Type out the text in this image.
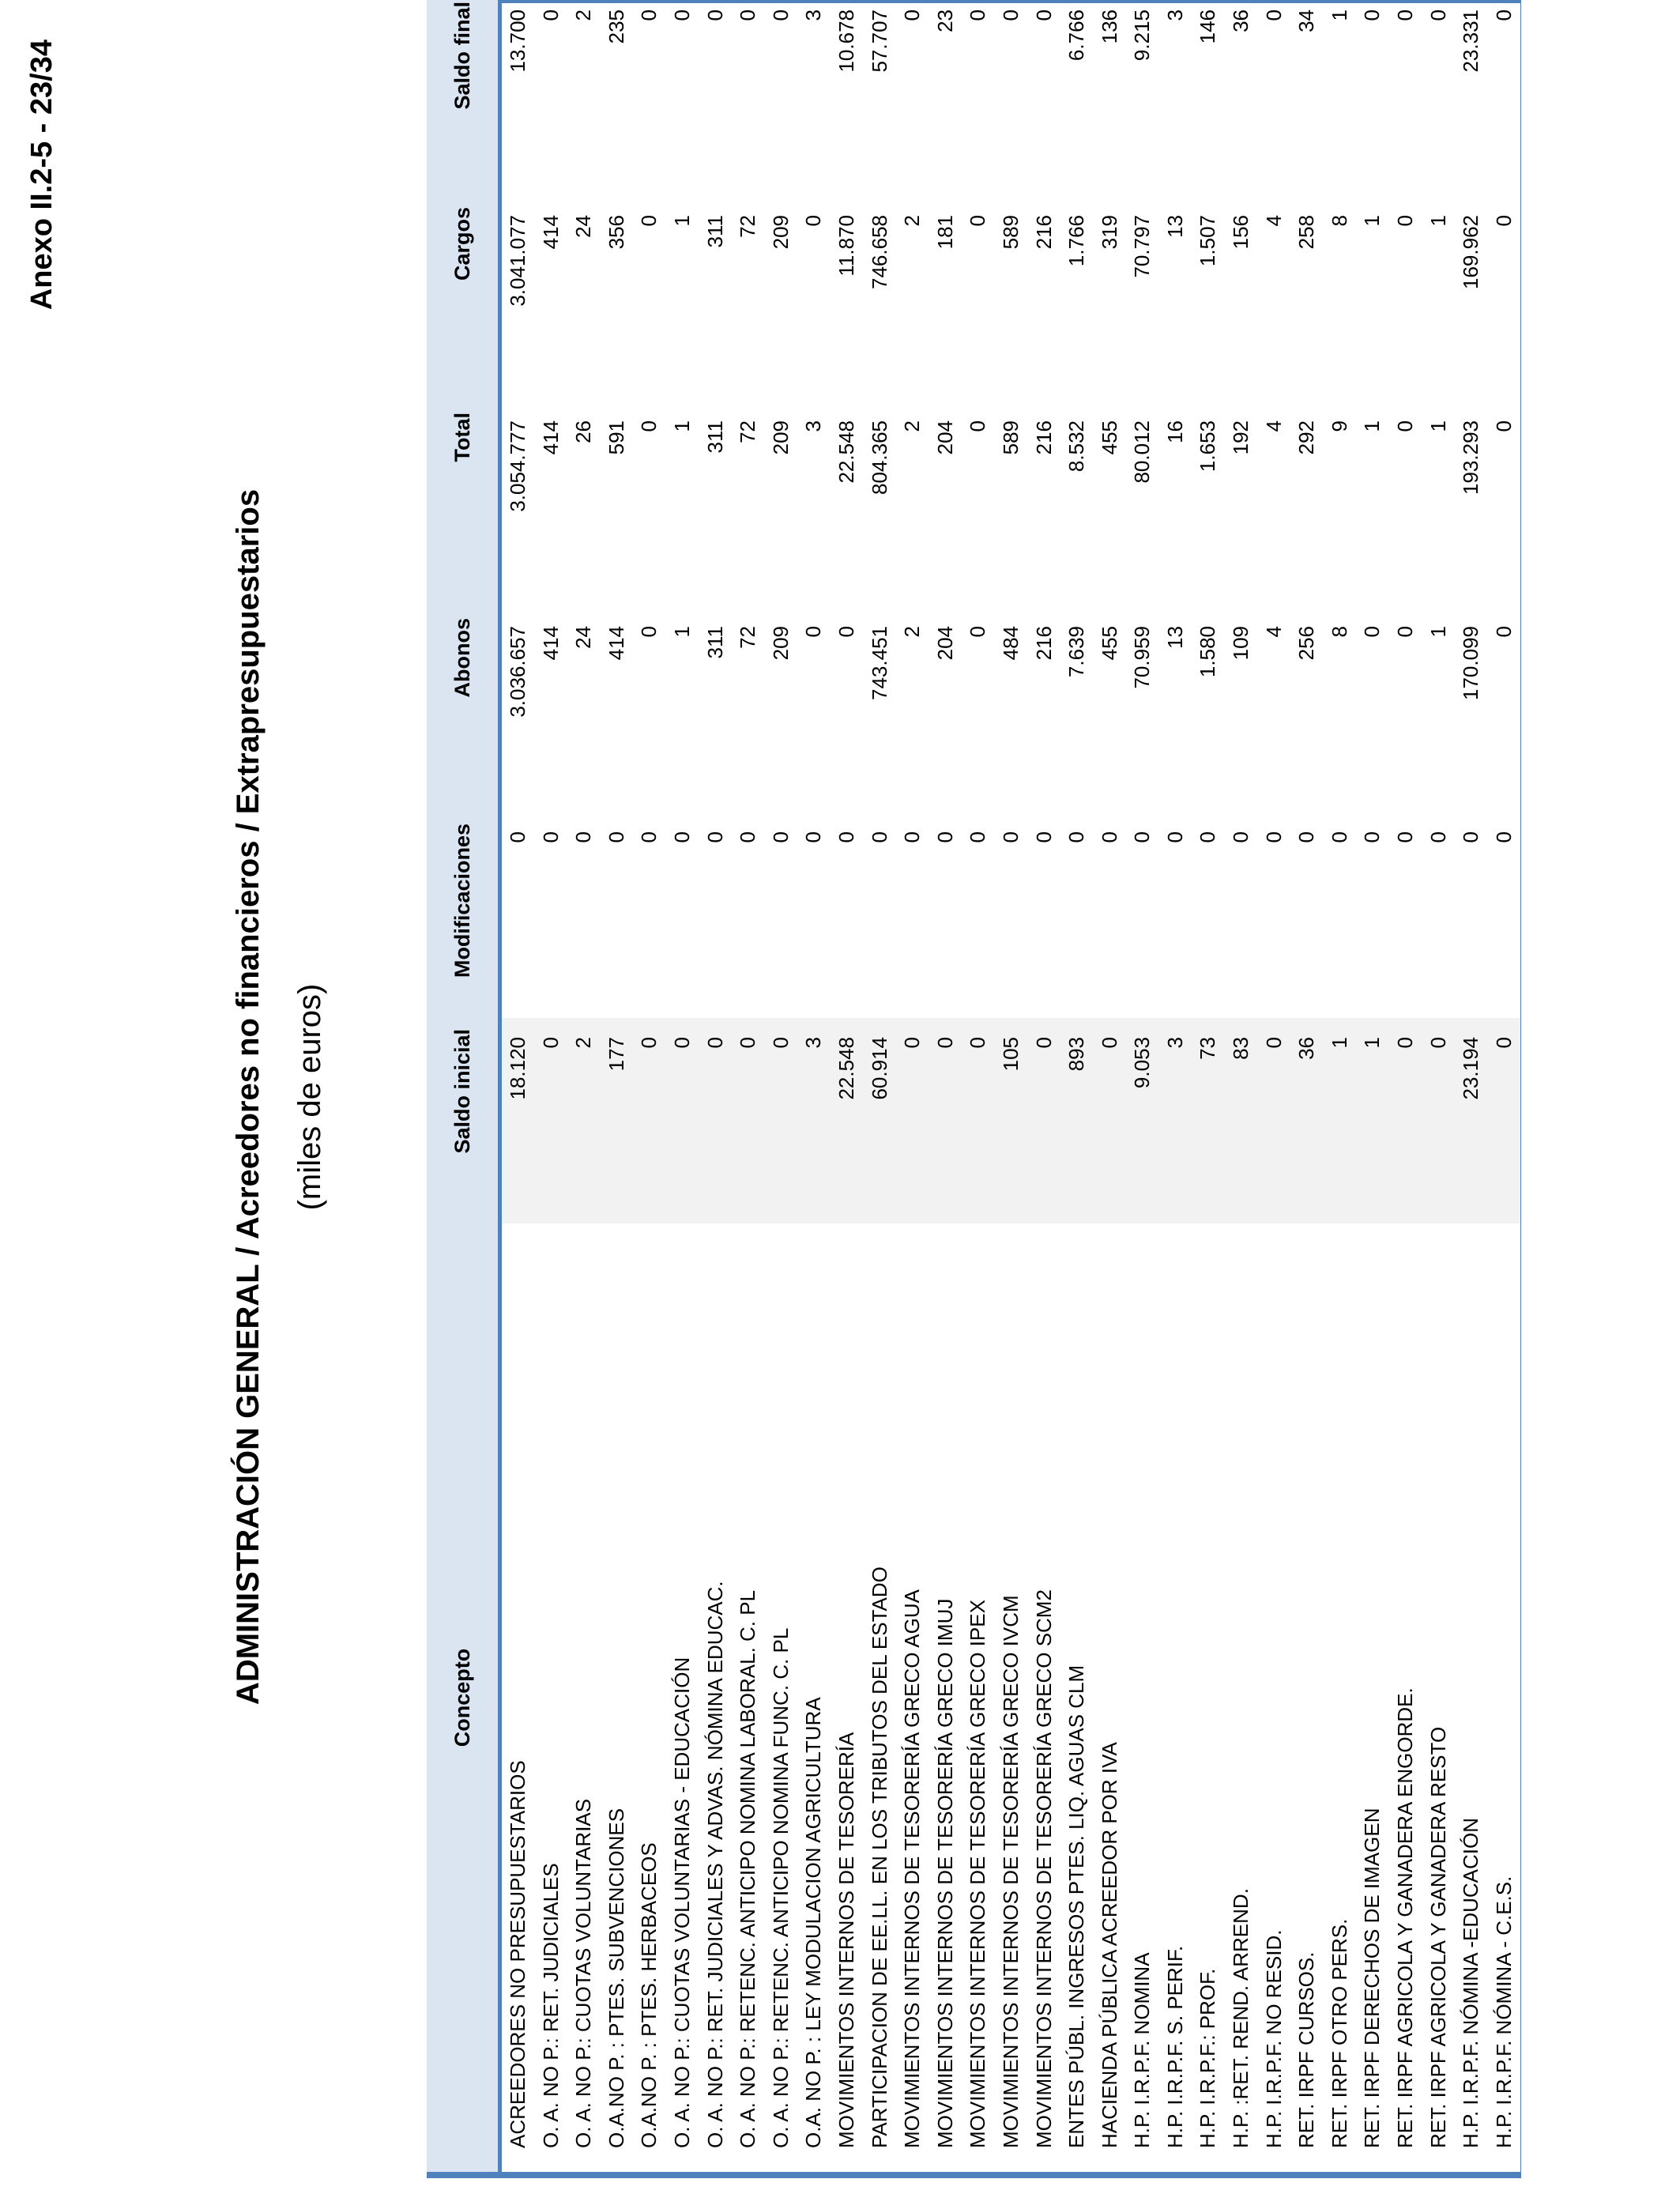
Anexo II.2-5 - 23/34
ADMINISTRACIÓN GENERAL / Acreedores no financieros / Extrapresupuestarios (miles de euros)
Concepto	Saldo inicial	Modificaciones	Abonos	Total	Cargos	Saldo final
ACREEDORES NO PRESUPUESTARIOS	18.120	0	3.036.657	3.054.777	3.041.077	13.700
O. A. NO P.: RET. JUDICIALES	0	0	414	414	414	0
O. A. NO P.: CUOTAS VOLUNTARIAS	2	0	24	26	24	2
O.A.NO P. : PTES. SUBVENCIONES	177	0	414	591	356	235
O.A.NO P. : PTES. HERBACEOS	0	0	0	0	0	0
O. A. NO P.: CUOTAS VOLUNTARIAS - EDUCACIÓN	0	0	1	1	1	0
O. A. NO P.: RET. JUDICIALES Y ADVAS. NÓMINA EDUCAC.	0	0	311	311	311	0
O. A. NO P.: RETENC. ANTICIPO NOMINA LABORAL. C. PL	0	0	72	72	72	0
O. A. NO P.: RETENC. ANTICIPO NOMINA FUNC. C. PL	0	0	209	209	209	0
O.A. NO P. : LEY MODULACION AGRICULTURA	3	0	0	3	0	3
MOVIMIENTOS INTERNOS DE TESORERÍA	22.548	0	0	22.548	11.870	10.678
PARTICIPACION DE EE.LL. EN LOS TRIBUTOS DEL ESTADO	60.914	0	743.451	804.365	746.658	57.707
MOVIMIENTOS INTERNOS DE TESORERÍA GRECO AGUA	0	0	2	2	2	0
MOVIMIENTOS INTERNOS DE TESORERÍA GRECO IMUJ	0	0	204	204	181	23
MOVIMIENTOS INTERNOS DE TESORERÍA GRECO IPEX	0	0	0	0	0	0
MOVIMIENTOS INTERNOS DE TESORERÍA GRECO IVCM	105	0	484	589	589	0
MOVIMIENTOS INTERNOS DE TESORERÍA GRECO SCM2	0	0	216	216	216	0
ENTES PÚBL. INGRESOS PTES. LIQ. AGUAS CLM	893	0	7.639	8.532	1.766	6.766
HACIENDA PÚBLICA ACREEDOR POR IVA	0	0	455	455	319	136
H.P. I.R.P.F. NOMINA	9.053	0	70.959	80.012	70.797	9.215
H.P. I.R.P.F. S. PERIF.	3	0	13	16	13	3
H.P. I.R.P.F.: PROF.	73	0	1.580	1.653	1.507	146
H.P. :RET. REND. ARREND.	83	0	109	192	156	36
H.P. I.R.P.F. NO RESID.	0	0	4	4	4	0
RET. IRPF CURSOS.	36	0	256	292	258	34
RET. IRPF OTRO PERS.	1	0	8	9	8	1
RET. IRPF DERECHOS DE IMAGEN	1	0	0	1	1	0
RET. IRPF AGRICOLA Y GANADERA ENGORDE.	0	0	0	0	0	0
RET. IRPF AGRICOLA Y GANADERA RESTO	0	0	1	1	1	0
H.P. I.R.P.F. NÓMINA -EDUCACIÓN	23.194	0	170.099	193.293	169.962	23.331
H.P. I.R.P.F. NÓMINA - C.E.S.	0	0	0	0	0	0
